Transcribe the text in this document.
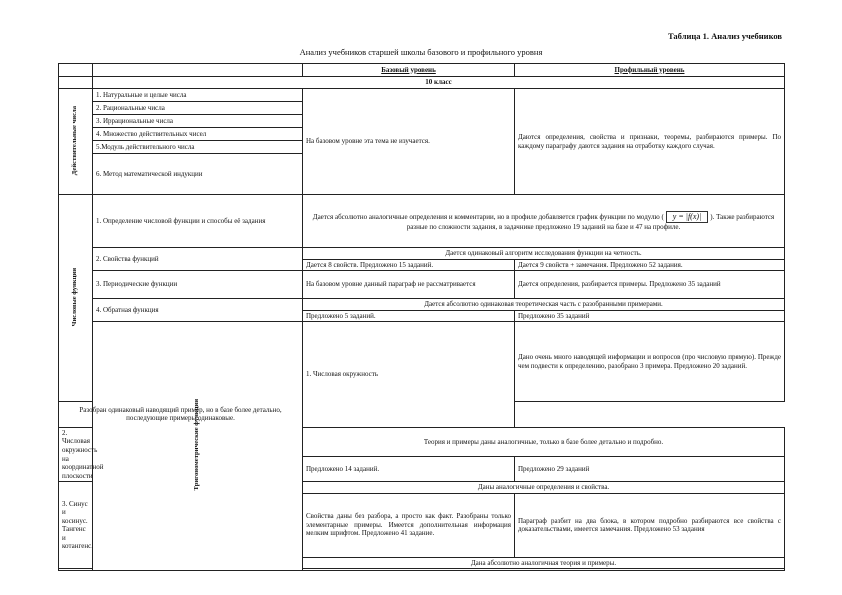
Таблица 1. Анализ учебников
Анализ учебников старшей школы базового и профильного уровня
		Базовый уровень	Профильный уровень	
	10 класс			
Действительные числа	1. Натуральные и целые числа	На базовом уровне эта тема не изучается.	Даются определения, свойства и признаки, теоремы, разбираются примеры. По каждому параграфу даются задания на отработку каждого случая.	
	2. Рациональные числа			
	3. Иррациональные числа			
	4. Множество действительных чисел			
	5.Модуль действительного числа			
	6. Метод математической индукции			
Числовые функции	1. Определение числовой функции и способы её задания	Дается абсолютно аналогичные определения и комментарии, но в профиле добавляется график функции по модулю ( y = |f(x)| ). Также разбираются разные по сложности задания, в задачнике предложено 19 заданий на базе и 47 на профиле.		
	2. Свойства функций	Дается одинаковый алгоритм исследования функции на четность.		
		Дается 8 свойств. Предложено 15 заданий.	Дается 9 свойств + замечания. Предложено 52 задания.	
	3. Периодические функции	На базовом уровне данный параграф не рассматривается	Дается определения, разбирается примеры. Предложено 35 заданий	
	4. Обратная функция	Дается абсолютно одинаковая теоретическая часть с разобранными примерами.		
		Предложено 5 заданий.	Предложено 35 заданий	
	Тригонометрические функции	1. Числовая окружность	Дано очень много наводящей информации и вопросов (про числовую прямую). Прежде чем подвести к определению, разобрано 3 примера. Предложено 20 заданий.	
Разобран одинаковый наводящий пример, но в базе более детально, последующие примеры одинаковые.				
2. Числовая окружность на координатной плоскости		Теория и примеры даны аналогичные, только в базе более детально и подробно.		
		Предложено 14 заданий.	Предложено 29 заданий	
3. Синус и косинус. Тангенс и котангенс.		Даны аналогичные определения и свойства.		
		Свойства даны без разбора, а просто как факт. Разобраны только элементарные примеры. Имеется дополнительная информация мелким шрифтом. Предложено 41 задание.	Параграф разбит на два блока, в котором подробно разбираются все свойства с доказательствами, имеется замечания. Предложено 53 задания	
		Дана абсолютно аналогичная теория и примеры.		
